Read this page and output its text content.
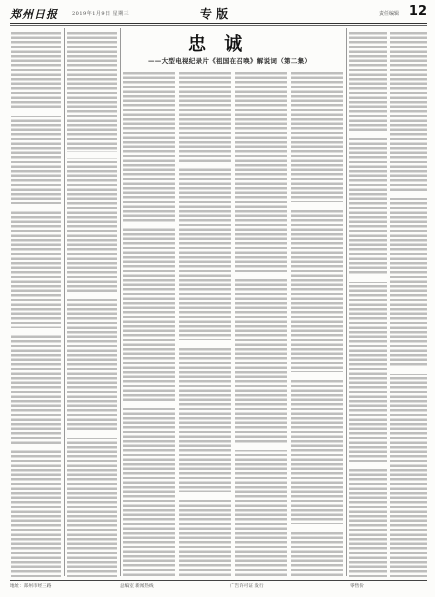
郑州日报	2019年1月9日 星期三	专 版	责任编辑 12
忠 诚
——大型电视纪录片《祖国在召唤》解说词（第二集）
地址：郑州市经三路	总编室 新闻热线	广告许可证 发行	零售价
